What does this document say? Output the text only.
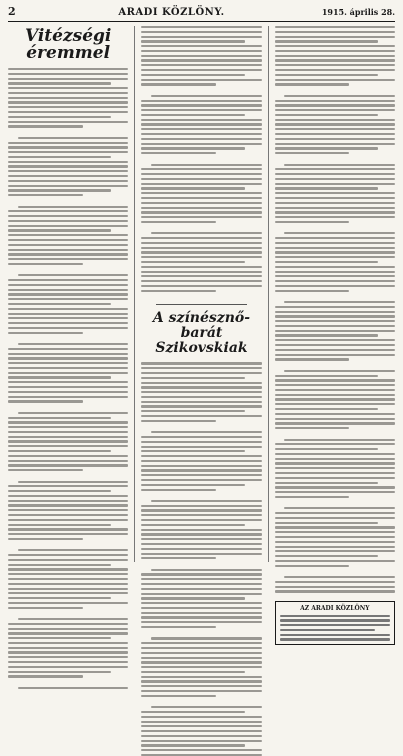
2	ARADI KÖZLÖNY.	1915. április 28.
Vitézségi éremmel
A színésznő-barát Szikovskiak
AZ ARADI KÖZLÖNY
